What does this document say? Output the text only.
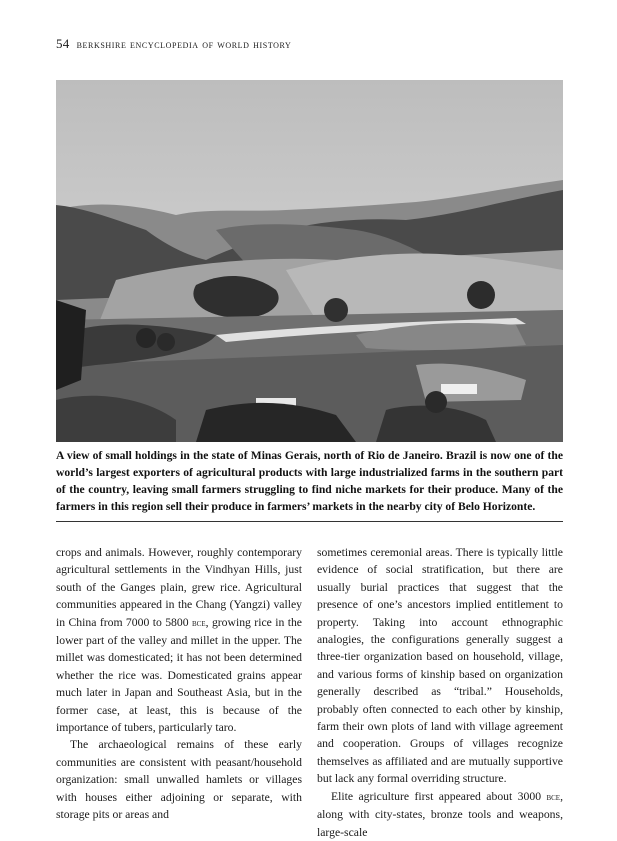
54 berkshire encyclopedia of world history
A view of small holdings in the state of Minas Gerais, north of Rio de Janeiro. Brazil is now one of the world’s largest exporters of agricultural products with large industrialized farms in the southern part of the country, leaving small farmers struggling to find niche markets for their produce. Many of the farmers in this region sell their produce in farmers’ markets in the nearby city of Belo Horizonte.

crops and animals. However, roughly contemporary agricultural settlements in the Vindhyan Hills, just south of the Ganges plain, grew rice. Agricultural communities appeared in the Chang (Yangzi) valley in China from 7000 to 5800 bce, growing rice in the lower part of the valley and millet in the upper. The millet was domesticated; it has not been determined whether the rice was. Domesticated grains appear much later in Japan and Southeast Asia, but in the former case, at least, this is because of the importance of tubers, particularly taro.

The archaeological remains of these early communities are consistent with peasant/household organization: small unwalled hamlets or villages with houses either adjoining or separate, with storage pits or areas and

sometimes ceremonial areas. There is typically little evidence of social stratification, but there are usually burial practices that suggest that the presence of one’s ancestors implied entitlement to property. Taking into account ethnographic analogies, the configurations generally suggest a three-tier organization based on household, village, and various forms of kinship based on organization generally described as “tribal.” Households, probably often connected to each other by kinship, farm their own plots of land with village agreement and cooperation. Groups of villages recognize themselves as affiliated and are mutually supportive but lack any formal overriding structure.

Elite agriculture first appeared about 3000 bce, along with city-states, bronze tools and weapons, large-scale
